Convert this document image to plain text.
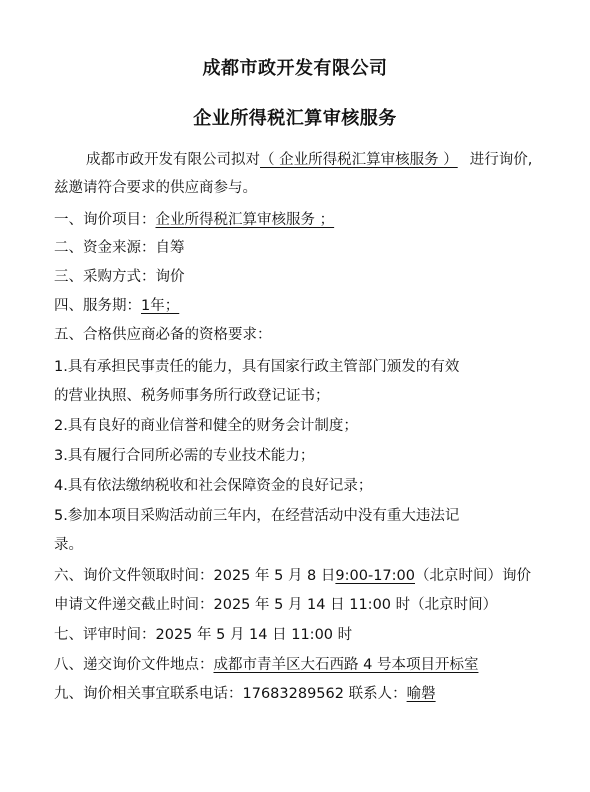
成都市政开发有限公司
企业所得税汇算审核服务
成都市政开发有限公司拟对（ 企业所得税汇算审核服务 ） 进行询价,
兹邀请符合要求的供应商参与。
一、询价项目：企业所得税汇算审核服务 ；
二、资金来源：自筹
三、采购方式：询价
四、服务期：1年；
五、合格供应商必备的资格要求：
1.具有承担民事责任的能力，具有国家行政主管部门颁发的有效
的营业执照、税务师事务所行政登记证书；
2.具有良好的商业信誉和健全的财务会计制度；
3.具有履行合同所必需的专业技术能力；
4.具有依法缴纳税收和社会保障资金的良好记录；
5.参加本项目采购活动前三年内，在经营活动中没有重大违法记
录。
六、询价文件领取时间：2025 年 5 月 8 日9:00-17:00（北京时间）询价
申请文件递交截止时间：2025 年 5 月 14 日 11:00 时（北京时间）
七、评审时间：2025 年 5 月 14 日 11:00 时
八、递交询价文件地点：成都市青羊区大石西路 4 号本项目开标室
九、询价相关事宜联系电话：17683289562 联系人：喻磐
